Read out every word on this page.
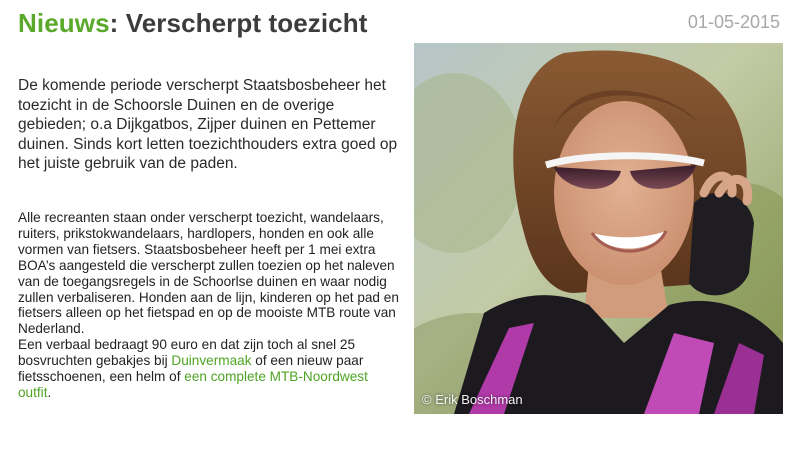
Nieuws: Verscherpt toezicht	01-05-2015

De komende periode verscherpt Staatsbosbeheer het toezicht in de Schoorsle Duinen en de overige gebieden; o.a Dijkgatbos, Zijper duinen en Pettemer duinen. Sinds kort letten toezichthouders extra goed op het juiste gebruik van de paden.

Alle recreanten staan onder verscherpt toezicht, wandelaars, ruiters, prikstokwandelaars, hardlopers, honden en ook alle vormen van fietsers. Staatsbosbeheer heeft per 1 mei extra BOA’s aangesteld die verscherpt zullen toezien op het naleven van de toegangsregels in de Schoorlse duinen en waar nodig zullen verbaliseren. Honden aan de lijn, kinderen op het pad en fietsers alleen op het fietspad en op de mooiste MTB route van Nederland.

Een verbaal bedraagt 90 euro en dat zijn toch al snel 25 bosvruchten gebakjes bij Duinvermaak of een nieuw paar fietsschoenen, een helm of een complete MTB-Noordwest outfit.	© Erik Boschman
